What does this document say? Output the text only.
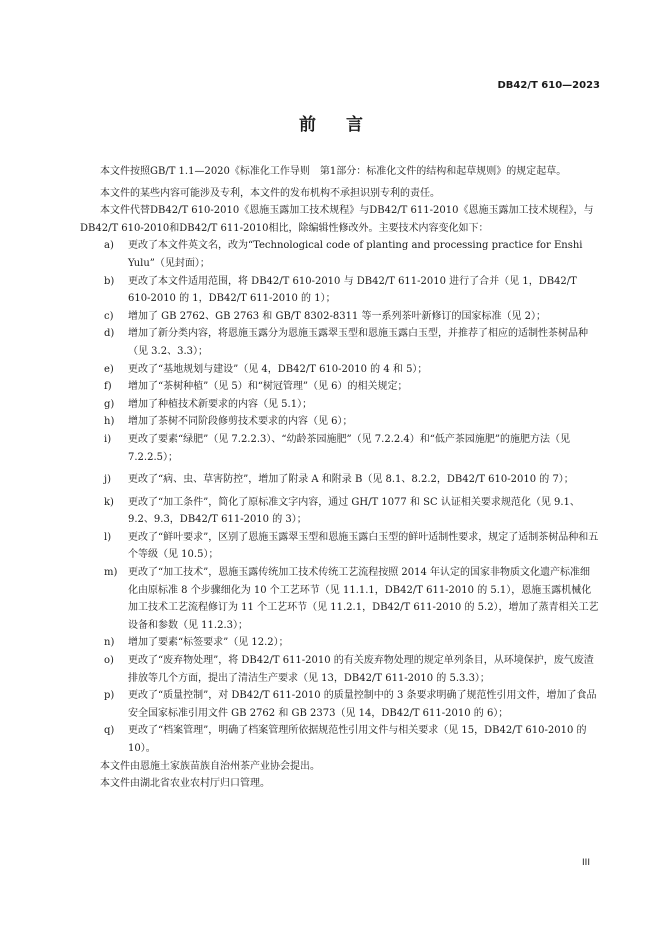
DB42/T 610—2023
前言

本文件按照GB/T 1.1—2020《标准化工作导则　第1部分：标准化文件的结构和起草规则》的规定起草。

本文件的某些内容可能涉及专利，本文件的发布机构不承担识别专利的责任。

本文件代替DB42/T 610-2010《恩施玉露加工技术规程》与DB42/T 611-2010《恩施玉露加工技术规程》，与DB42/T 610-2010和DB42/T 611-2010相比，除编辑性修改外。主要技术内容变化如下：

a) 更改了本文件英文名，改为“Technological code of planting and processing practice for Enshi Yulu”（见封面）；
b) 更改了本文件适用范围，将 DB42/T 610-2010 与 DB42/T 611-2010 进行了合并（见 1，DB42/T 610-2010 的 1，DB42/T 611-2010 的 1）；
c) 增加了 GB 2762、GB 2763 和 GB/T 8302-8311 等一系列茶叶新修订的国家标准（见 2）；
d) 增加了新分类内容，将恩施玉露分为恩施玉露翠玉型和恩施玉露白玉型，并推荐了相应的适制性茶树品种（见 3.2、3.3）；
e) 更改了“基地规划与建设”（见 4，DB42/T 610-2010 的 4 和 5）；
f) 增加了“茶树种植”（见 5）和“树冠管理”（见 6）的相关规定；
g) 增加了种植技术新要求的内容（见 5.1）；
h) 增加了茶树不同阶段修剪技术要求的内容（见 6）；
i) 更改了要素“绿肥”（见 7.2.2.3）、“幼龄茶园施肥”（见 7.2.2.4）和“低产茶园施肥”的施肥方法（见 7.2.2.5）；
j) 更改了“病、虫、草害防控”，增加了附录 A 和附录 B（见 8.1、8.2.2，DB42/T 610-2010 的 7）；
k) 更改了“加工条件”，简化了原标准文字内容，通过 GH/T 1077 和 SC 认证相关要求规范化（见 9.1、9.2、9.3，DB42/T 611-2010 的 3）；
l) 更改了“鲜叶要求”，区别了恩施玉露翠玉型和恩施玉露白玉型的鲜叶适制性要求，规定了适制茶树品种和五个等级（见 10.5）；
m) 更改了“加工技术”，恩施玉露传统加工技术传统工艺流程按照 2014 年认定的国家非物质文化遗产标准细化由原标准 8 个步骤细化为 10 个工艺环节（见 11.1.1，DB42/T 611-2010 的 5.1），恩施玉露机械化加工技术工艺流程修订为 11 个工艺环节（见 11.2.1，DB42/T 611-2010 的 5.2），增加了蒸青相关工艺设备和参数（见 11.2.3）；
n) 增加了要素“标签要求”（见 12.2）；
o) 更改了“废弃物处理”，将 DB42/T 611-2010 的有关废弃物处理的规定单列条目，从环境保护，废气废渣排放等几个方面，提出了清洁生产要求（见 13，DB42/T 611-2010 的 5.3.3）；
p) 更改了“质量控制”，对 DB42/T 611-2010 的质量控制中的 3 条要求明确了规范性引用文件，增加了食品安全国家标准引用文件 GB 2762 和 GB 2373（见 14，DB42/T 611-2010 的 6）；
q) 更改了“档案管理”，明确了档案管理所依据规范性引用文件与相关要求（见 15，DB42/T 610-2010 的 10）。

本文件由恩施土家族苗族自治州茶产业协会提出。

本文件由湖北省农业农村厅归口管理。

III
